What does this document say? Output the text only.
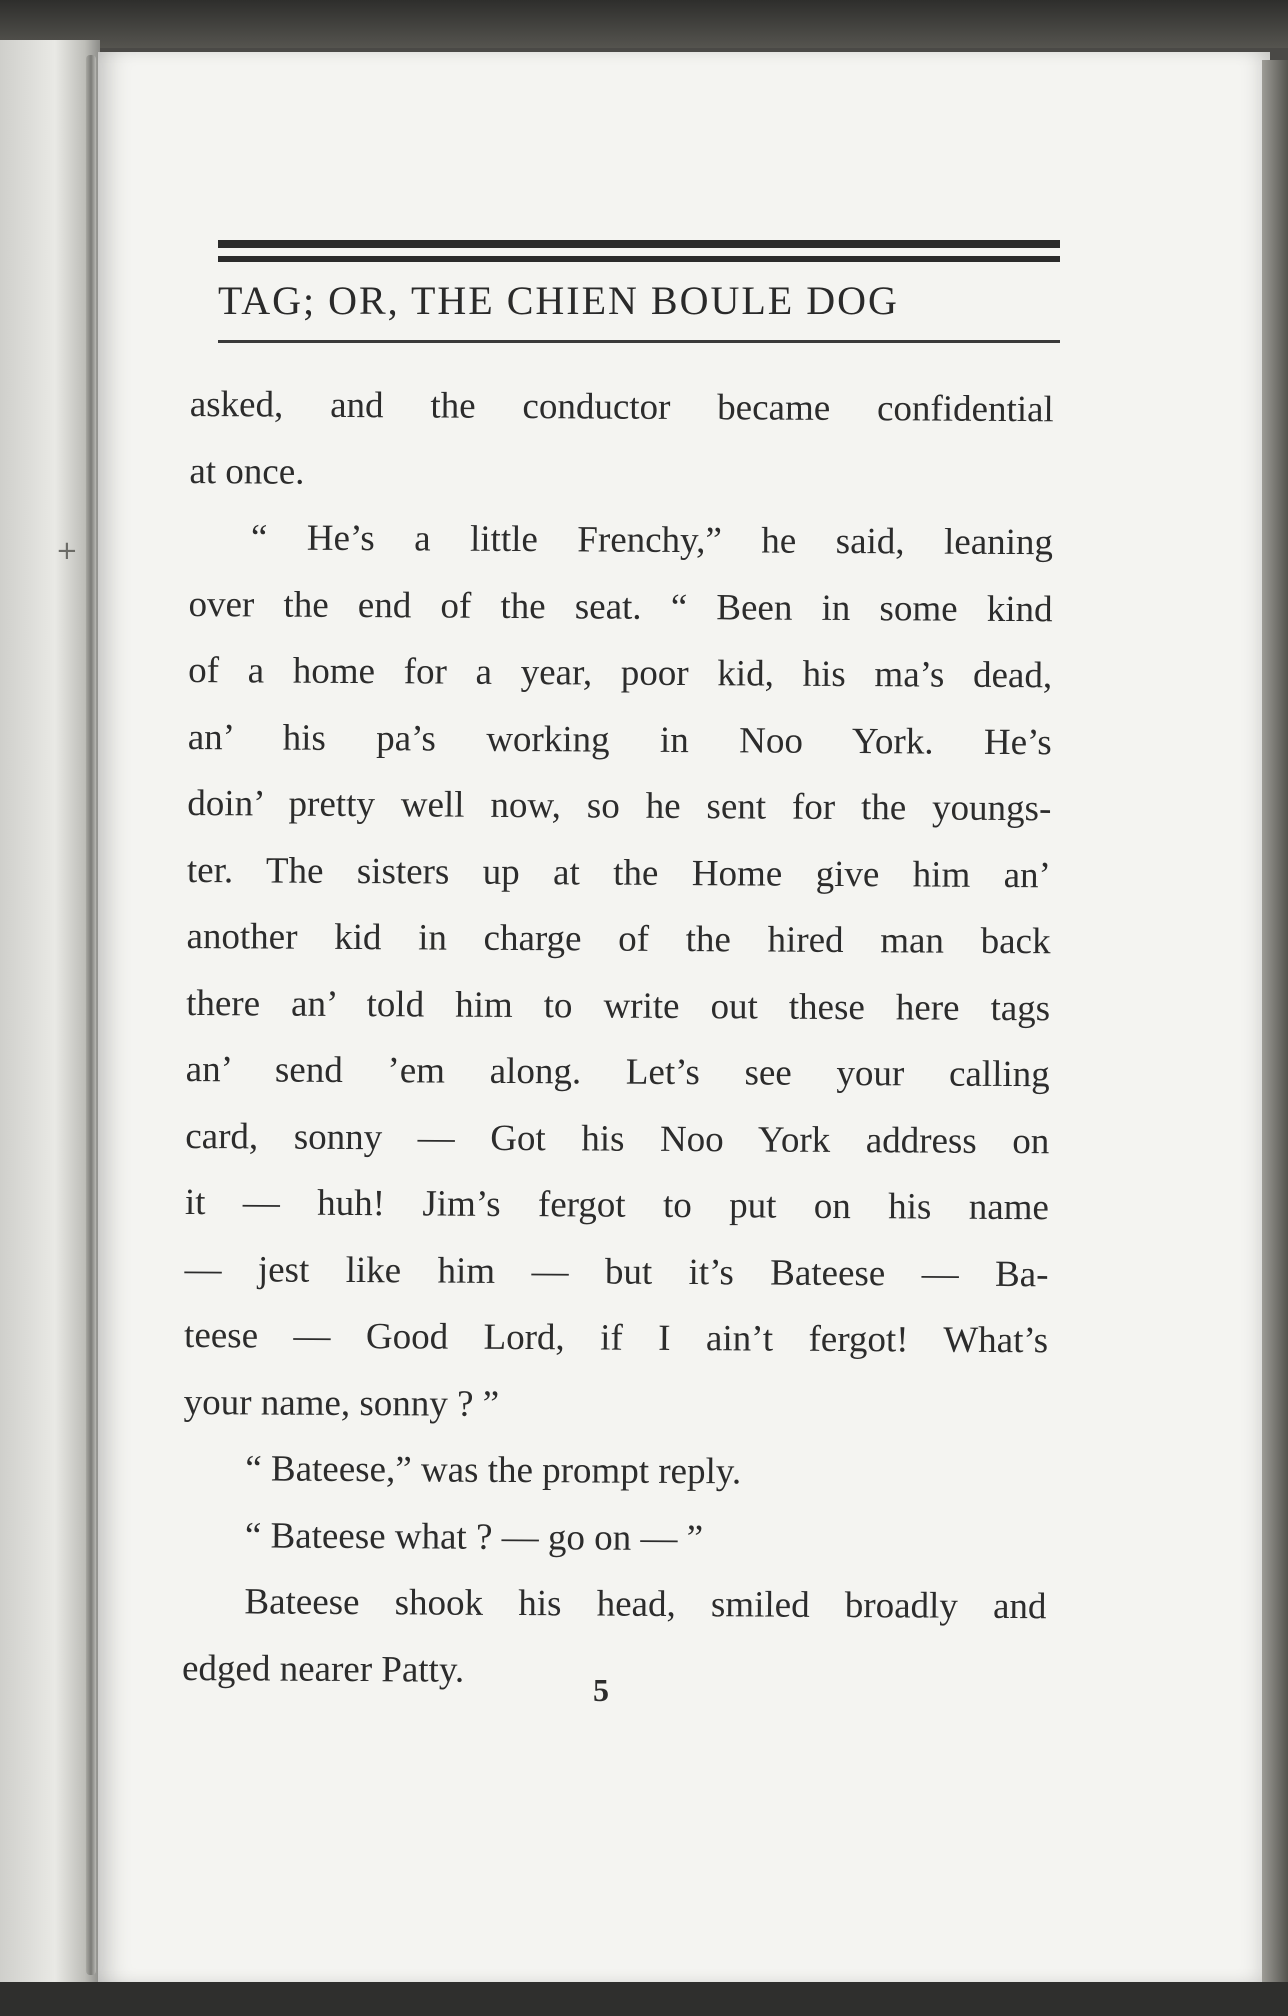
+
TAG; OR, THE CHIEN BOULE DOG
asked, and the conductor became confidential
at once.
“ He’s a little Frenchy,” he said, leaning
over the end of the seat. “ Been in some kind
of a home for a year, poor kid, his ma’s dead,
an’ his pa’s working in Noo York. He’s
doin’ pretty well now, so he sent for the youngs-
ter. The sisters up at the Home give him an’
another kid in charge of the hired man back
there an’ told him to write out these here tags
an’ send ’em along. Let’s see your calling
card, sonny — Got his Noo York address on
it — huh! Jim’s fergot to put on his name
— jest like him — but it’s Bateese — Ba-
teese — Good Lord, if I ain’t fergot! What’s
your name, sonny ? ”
“ Bateese,” was the prompt reply.
“ Bateese what ? — go on — ”
Bateese shook his head, smiled broadly and
edged nearer Patty.	5
